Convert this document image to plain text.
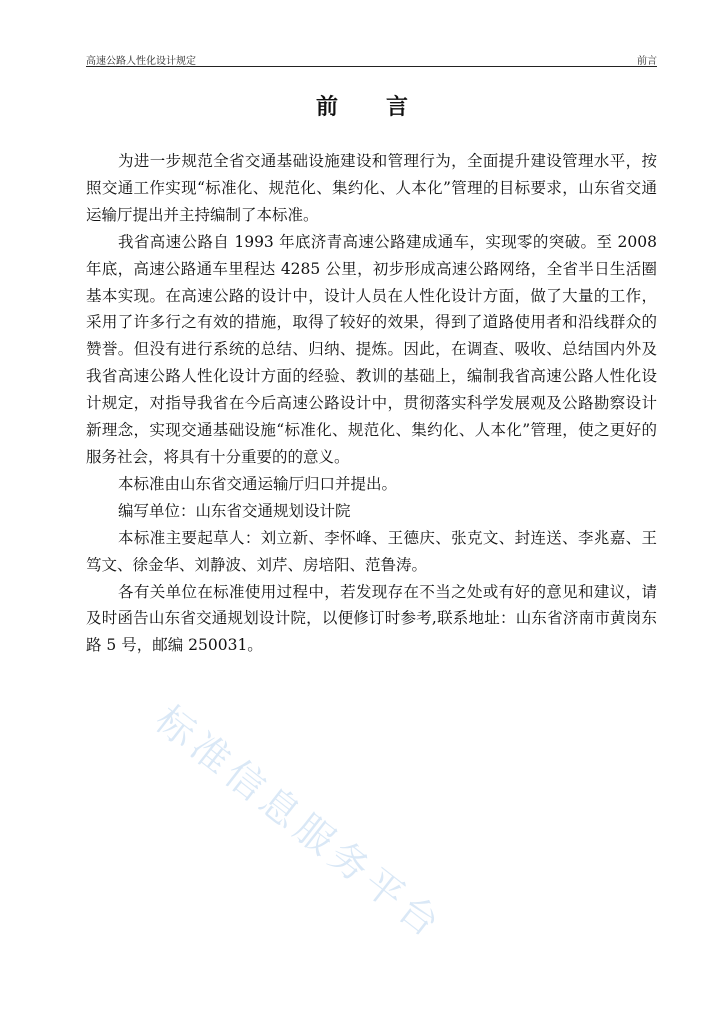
高速公路人性化设计规定	前言
前言

为进一步规范全省交通基础设施建设和管理行为，全面提升建设管理水平，按照交通工作实现“标准化、规范化、集约化、人本化”管理的目标要求，山东省交通运输厅提出并主持编制了本标准。

我省高速公路自 1993 年底济青高速公路建成通车，实现零的突破。至 2008 年底，高速公路通车里程达 4285 公里，初步形成高速公路网络，全省半日生活圈基本实现。在高速公路的设计中，设计人员在人性化设计方面，做了大量的工作，采用了许多行之有效的措施，取得了较好的效果，得到了道路使用者和沿线群众的赞誉。但没有进行系统的总结、归纳、提炼。因此，在调查、吸收、总结国内外及我省高速公路人性化设计方面的经验、教训的基础上，编制我省高速公路人性化设计规定，对指导我省在今后高速公路设计中，贯彻落实科学发展观及公路勘察设计新理念，实现交通基础设施“标准化、规范化、集约化、人本化”管理，使之更好的服务社会，将具有十分重要的的意义。

本标准由山东省交通运输厅归口并提出。

编写单位：山东省交通规划设计院

本标准主要起草人：刘立新、李怀峰、王德庆、张克文、封连送、李兆嘉、王笃文、徐金华、刘静波、刘芹、房培阳、范鲁涛。

各有关单位在标准使用过程中，若发现存在不当之处或有好的意见和建议，请及时函告山东省交通规划设计院，以便修订时参考,联系地址：山东省济南市黄岗东路 5 号，邮编 250031。

标准信息服务平台
